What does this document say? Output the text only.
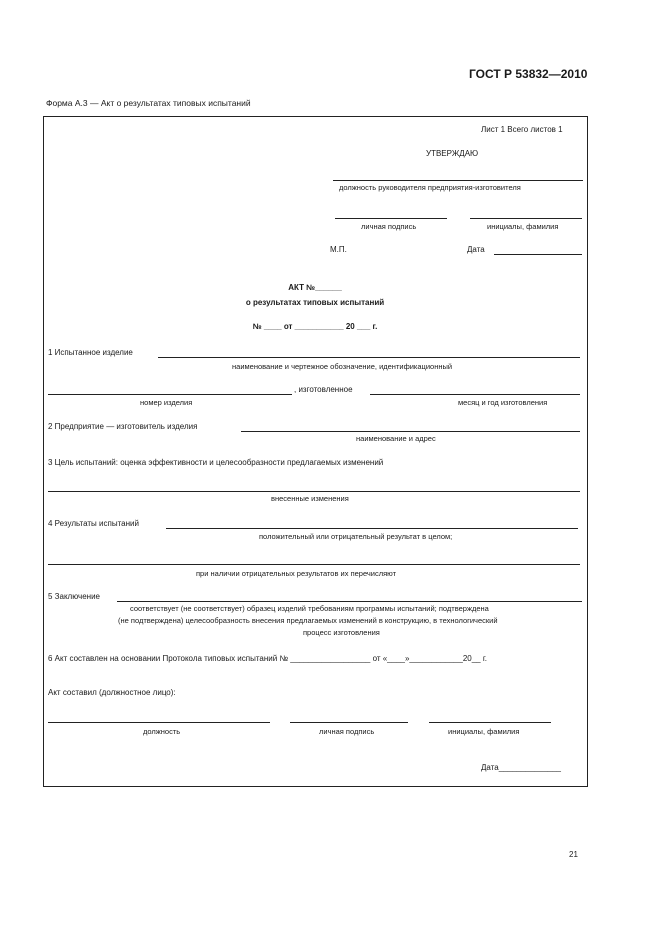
ГОСТ Р 53832—2010
Форма А.3 — Акт о результатах типовых испытаний
Лист 1 Всего листов 1
УТВЕРЖДАЮ
должность руководителя предприятия-изготовителя
личная подпись	инициалы, фамилия
М.П.	Дата
АКТ №______
о результатах типовых испытаний
№ ____ от ___________ 20 ___ г.
1 Испытанное изделие
наименование и чертежное обозначение, идентификационный
, изготовленное
номер изделия	месяц и год изготовления
2 Предприятие — изготовитель изделия
наименование и адрес
3 Цель испытаний: оценка эффективности и целесообразности предлагаемых изменений
внесенные изменения
4 Результаты испытаний
положительный или отрицательный результат в целом;
при наличии отрицательных результатов их перечисляют
5 Заключение
соответствует (не соответствует) образец изделий требованиям программы испытаний; подтверждена
(не подтверждена) целесообразность внесения предлагаемых изменений в конструкцию, в технологический
процесс изготовления
6 Акт составлен на основании Протокола типовых испытаний № __________________ от «____»____________20__ г.
Акт составил (должностное лицо):
должность	личная подпись	инициалы, фамилия
Дата______________
21
